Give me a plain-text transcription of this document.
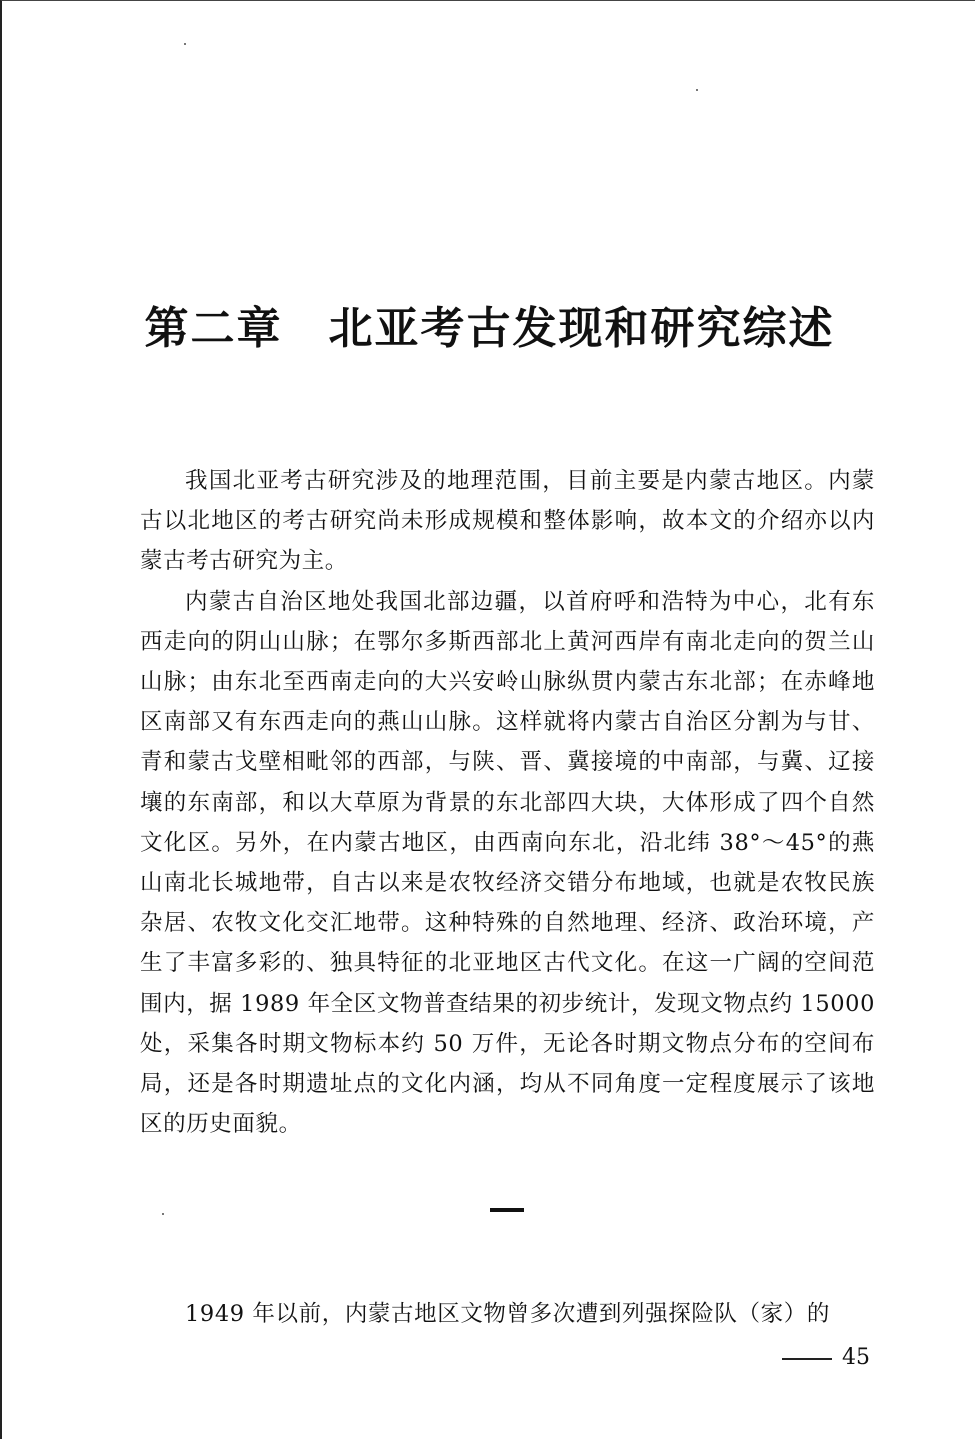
第二章 北亚考古发现和研究综述

我国北亚考古研究涉及的地理范围，目前主要是内蒙古地区。内蒙古以北地区的考古研究尚未形成规模和整体影响，故本文的介绍亦以内蒙古考古研究为主。

内蒙古自治区地处我国北部边疆，以首府呼和浩特为中心，北有东西走向的阴山山脉；在鄂尔多斯西部北上黄河西岸有南北走向的贺兰山山脉；由东北至西南走向的大兴安岭山脉纵贯内蒙古东北部；在赤峰地区南部又有东西走向的燕山山脉。这样就将内蒙古自治区分割为与甘、青和蒙古戈壁相毗邻的西部，与陕、晋、冀接境的中南部，与冀、辽接壤的东南部，和以大草原为背景的东北部四大块，大体形成了四个自然文化区。另外，在内蒙古地区，由西南向东北，沿北纬 38°～45°的燕山南北长城地带，自古以来是农牧经济交错分布地域，也就是农牧民族杂居、农牧文化交汇地带。这种特殊的自然地理、经济、政治环境，产生了丰富多彩的、独具特征的北亚地区古代文化。在这一广阔的空间范围内，据 1989 年全区文物普查结果的初步统计，发现文物点约 15000 处，采集各时期文物标本约 50 万件，无论各时期文物点分布的空间布局，还是各时期遗址点的文化内涵，均从不同角度一定程度展示了该地区的历史面貌。

1949 年以前，内蒙古地区文物曾多次遭到列强探险队（家）的
45
